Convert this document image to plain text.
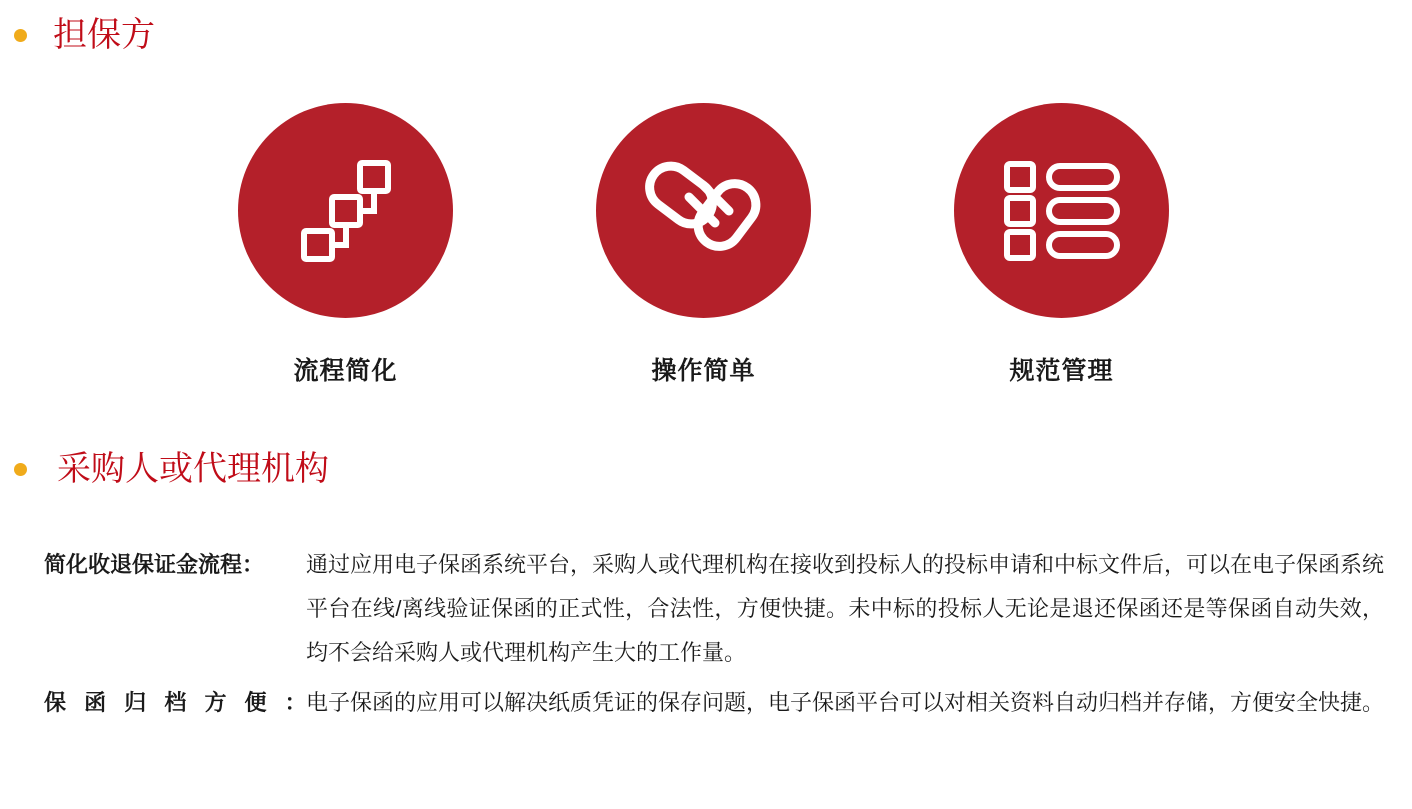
担保方
流程简化	操作简单	规范管理
采购人或代理机构
简化收退保证金流程：	通过应用电子保函系统平台，采购人或代理机构在接收到投标人的投标申请和中标文件后，可以在电子保函系统平台在线/离线验证保函的正式性，合法性，方便快捷。未中标的投标人无论是退还保函还是等保函自动失效，均不会给采购人或代理机构产生大的工作量。
保 函 归 档 方 便 ：
电子保函的应用可以解决纸质凭证的保存问题，电子保函平台可以对相关资料自动归档并存储，方便安全快捷。
